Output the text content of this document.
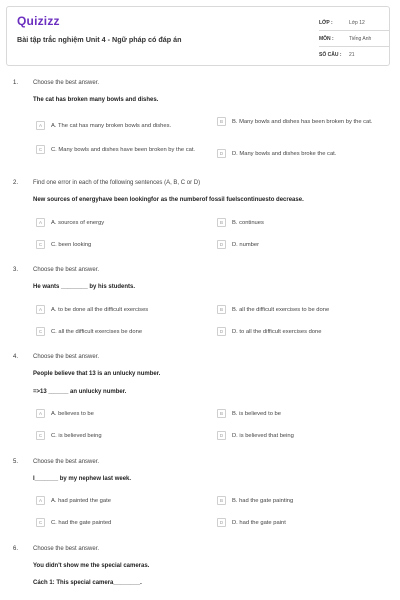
Quizizz
Bài tập trắc nghiệm Unit 4 - Ngữ pháp có đáp án
LỚP :	Lớp 12
MÔN :	Tiếng Anh
SỐ CÂU :	21
1. Choose the best answer.
The cat has broken many bowls and dishes.
A	A. The cat has many broken bowls and dishes.
B	B. Many bowls and dishes has been broken by the cat.
C	C. Many bowls and dishes have been broken by the cat.
D	D. Many bowls and dishes broke the cat.
2. Find one error in each of the following sentences (A, B, C or D)
New sources of energyhave been lookingfor as the numberof fossil fuelscontinuesto decrease.
A	A. sources of energy	B	B. continues
C	C. been looking	D	D. number
3. Choose the best answer.
He wants ________ by his students.
A	A. to be done all the difficult exercises	B	B. all the difficult exercises to be done
C	C. all the difficult exercises be done	D	D. to all the difficult exercises done
4. Choose the best answer.
People believe that 13 is an unlucky number.
=>13 ______ an unlucky number.
A	A. believes to be	B	B. is believed to be
C	C. is believed being	D	D. is believed that being
5. Choose the best answer.
I_______ by my nephew last week.
A	A. had painted the gate	B	B. had the gate painting
C	C. had the gate painted	D	D. had the gate paint
6. Choose the best answer.
You didn't show me the special cameras.
Cách 1: This special camera________.
